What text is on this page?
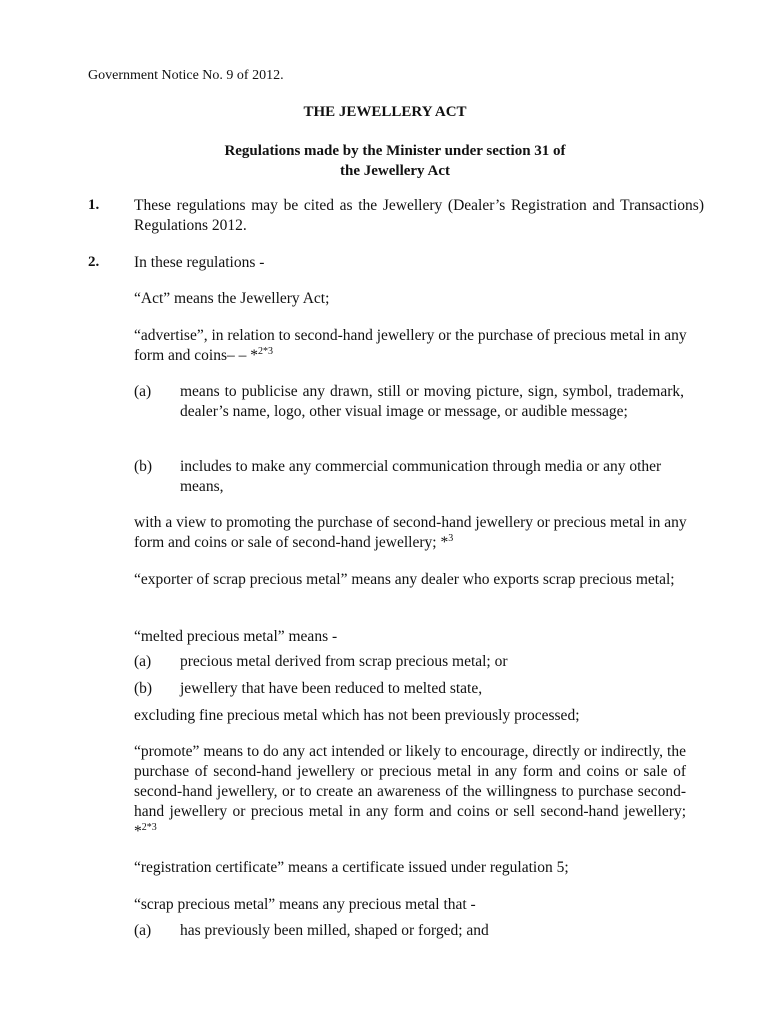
Government Notice No. 9 of 2012.
THE JEWELLERY ACT
Regulations made by the Minister under section 31 of
the Jewellery Act
1. These regulations may be cited as the Jewellery (Dealer’s Registration and Transactions) Regulations 2012.
2. In these regulations -
“Act” means the Jewellery Act;
“advertise”, in relation to second-hand jewellery or the purchase of precious metal in any form and coins– – *$^{2*3}$
(a) means to publicise any drawn, still or moving picture, sign, symbol, trademark, dealer’s name, logo, other visual image or message, or audible message;
(b) includes to make any commercial communication through media or any other means,
with a view to promoting the purchase of second-hand jewellery or precious metal in any form and coins or sale of second-hand jewellery; *$^3$
“exporter of scrap precious metal” means any dealer who exports scrap precious metal;
“melted precious metal” means -
(a) precious metal derived from scrap precious metal; or
(b) jewellery that have been reduced to melted state,
excluding fine precious metal which has not been previously processed;
“promote” means to do any act intended or likely to encourage, directly or indirectly, the purchase of second-hand jewellery or precious metal in any form and coins or sale of second-hand jewellery, or to create an awareness of the willingness to purchase second-hand jewellery or precious metal in any form and coins or sell second-hand jewellery; *$^{2*3}$
“registration certificate” means a certificate issued under regulation 5;
“scrap precious metal” means any precious metal that -
(a) has previously been milled, shaped or forged; and
